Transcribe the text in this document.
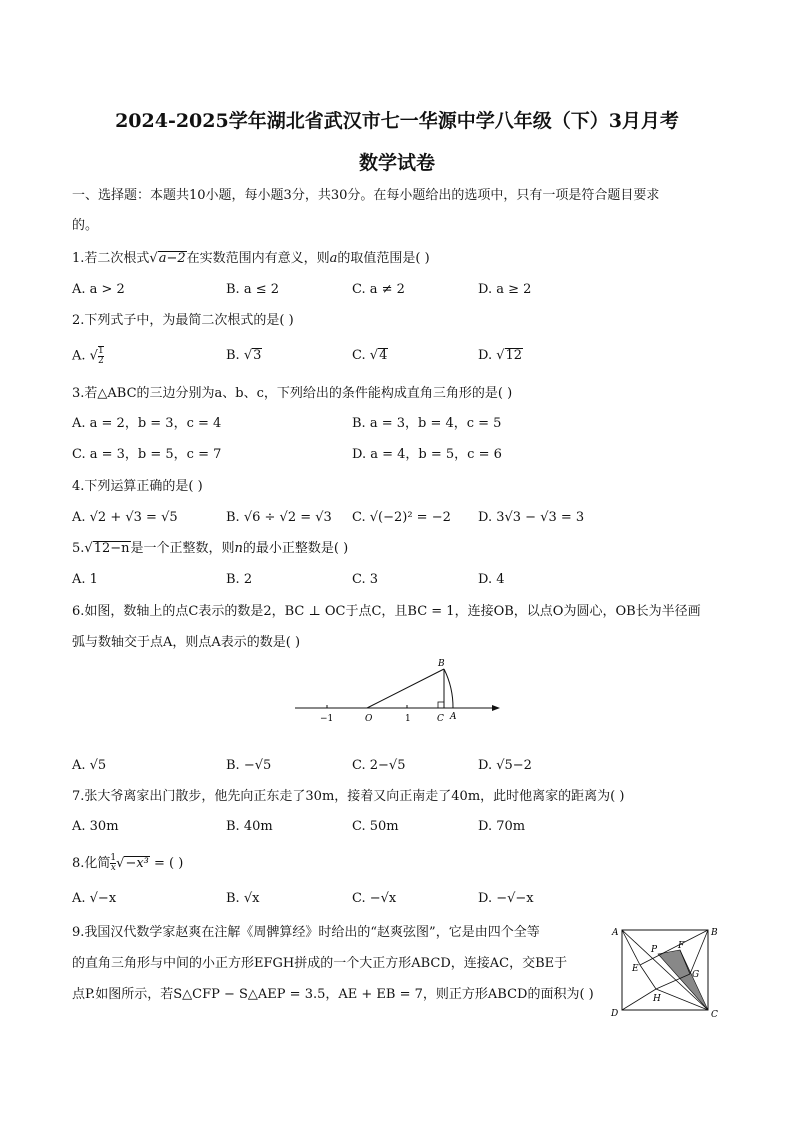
2024-2025学年湖北省武汉市七一华源中学八年级（下）3月月考
数学试卷
一、选择题：本题共10小题，每小题3分，共30分。在每小题给出的选项中，只有一项是符合题目要求
的。
1.若二次根式√a−2在实数范围内有意义，则a的取值范围是( )
A. a > 2	B. a ≤ 2	C. a ≠ 2	D. a ≥ 2
2.下列式子中，为最简二次根式的是( )
A. √ $\frac{1}{2}$	B. √3	C. √4	D. √12
3.若△ABC的三边分别为a、b、c，下列给出的条件能构成直角三角形的是( )
A. a = 2，b = 3，c = 4	B. a = 3，b = 4，c = 5
C. a = 3，b = 5，c = 7	D. a = 4，b = 5，c = 6
4.下列运算正确的是( )
A. √2 + √3 = √5	B. √6 ÷ √2 = √3 C. √(−2)² = −2 D. 3√3 − √3 = 3
5.√12−n是一个正整数，则n的最小正整数是( )
A. 1	B. 2	C. 3	D. 4
6.如图，数轴上的点C表示的数是2，BC ⊥ OC于点C，且BC = 1，连接OB，以点O为圆心，OB长为半径画
弧与数轴交于点A，则点A表示的数是( )
−1	O	1	C A
B
A. √5	B. −√5	C. 2−√5	D. √5−2
7.张大爷离家出门散步，他先向正东走了30m，接着又向正南走了40m，此时他离家的距离为( )
A. 30m	B. 40m	C. 50m	D. 70m
8.化简 $\frac{1}{x} √-x^3$ = ( )
A. √−x	B. √x	C. −√x	D. −√−x
9.我国汉代数学家赵爽在注解《周髀算经》时给出的“赵爽弦图”，它是由四个全等
的直角三角形与中间的小正方形EFGH拼成的一个大正方形ABCD，连接AC，交BE于
点P.如图所示，若S△CFP − S△AEP = 3.5，AE + EB = 7，则正方形ABCD的面积为( )
A	B
C
D
E
F
G
H
P
